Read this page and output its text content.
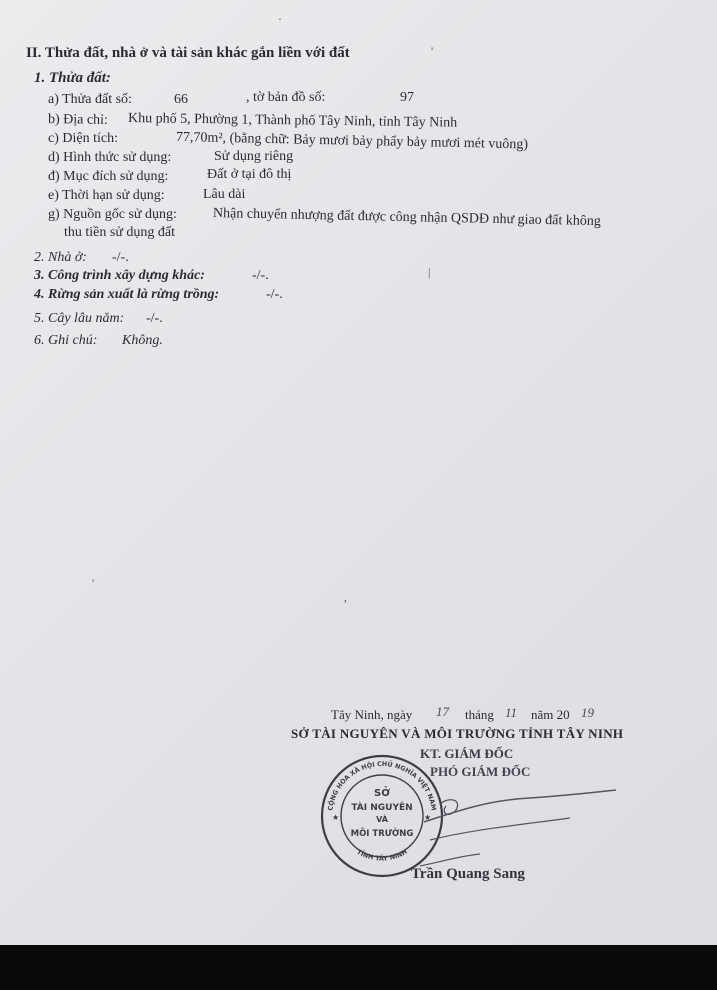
II. Thửa đất, nhà ở và tài sản khác gắn liền với đất
1. Thửa đất:
a) Thửa đất số:	66	, tờ bản đồ số:	97
b) Địa chỉ: Khu phố 5, Phường 1, Thành phố Tây Ninh, tỉnh Tây Ninh
c) Diện tích:	77,70m², (bằng chữ: Bảy mươi bảy phẩy bảy mươi mét vuông)
d) Hình thức sử dụng:	Sử dụng riêng
đ) Mục đích sử dụng:	Đất ở tại đô thị
e) Thời hạn sử dụng:	Lâu dài
g) Nguồn gốc sử dụng:	Nhận chuyển nhượng đất được công nhận QSDĐ như giao đất không
thu tiền sử dụng đất
2. Nhà ở: -/-.
3. Công trình xây dựng khác:	-/-.
4. Rừng sản xuất là rừng trồng:	-/-.
5. Cây lâu năm: -/-.
6. Ghi chú: Không.
·
'
|
'
,
Tây Ninh, ngày 17 tháng 11 năm 20 19
SỞ TÀI NGUYÊN VÀ MÔI TRƯỜNG TỈNH TÂY NINH
KT. GIÁM ĐỐC
PHÓ GIÁM ĐỐC
CỘNG HÒA XÃ HỘI CHỦ NGHĨA VIỆT NAM
TỈNH TÂY NINH
SỞ
TÀI NGUYÊN
VÀ
MÔI TRƯỜNG
★	★
Trần Quang Sang
